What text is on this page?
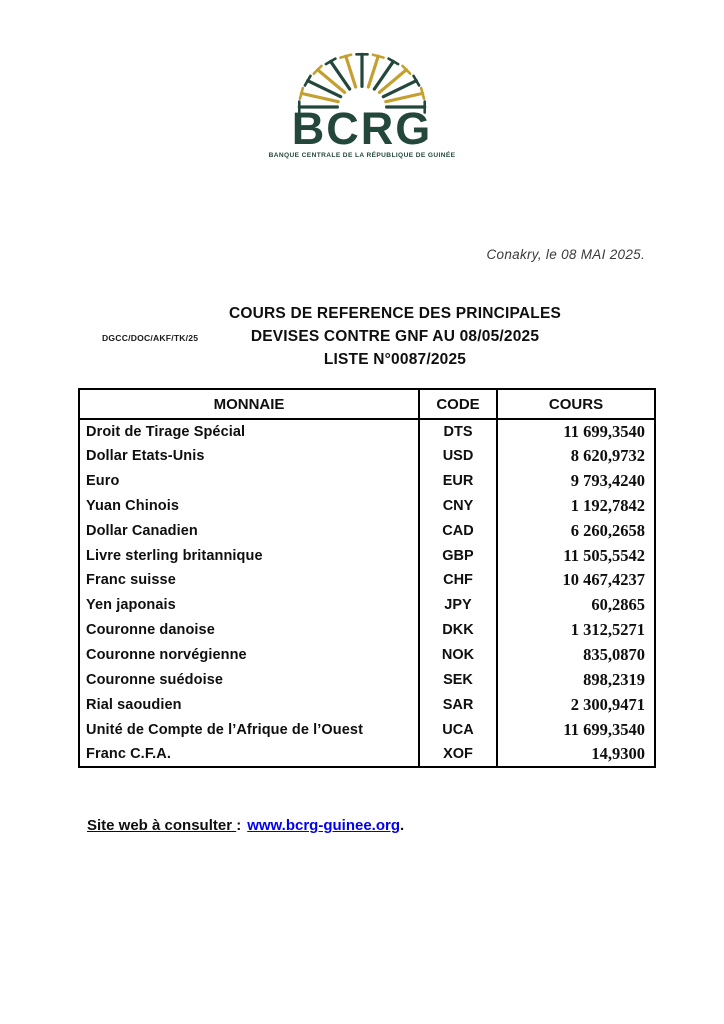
BCRG
BANQUE CENTRALE DE LA RÉPUBLIQUE DE GUINÉE
Conakry, le 08 MAI 2025.
DGCC/DOC/AKF/TK/25
COURS DE REFERENCE DES PRINCIPALES
DEVISES CONTRE GNF AU 08/05/2025
LISTE N°0087/2025
MONNAIE	CODE	COURS
Droit de Tirage Spécial	DTS	11 699,3540
Dollar Etats-Unis	USD	8 620,9732
Euro	EUR	9 793,4240
Yuan Chinois	CNY	1 192,7842
Dollar Canadien	CAD	6 260,2658
Livre sterling britannique	GBP	11 505,5542
Franc suisse	CHF	10 467,4237
Yen japonais	JPY	60,2865
Couronne danoise	DKK	1 312,5271
Couronne norvégienne	NOK	835,0870
Couronne suédoise	SEK	898,2319
Rial saoudien	SAR	2 300,9471
Unité de Compte de l’Afrique de l’Ouest	UCA	11 699,3540
Franc C.F.A.	XOF	14,9300
Site web à consulter : www.bcrg-guinee.org.
